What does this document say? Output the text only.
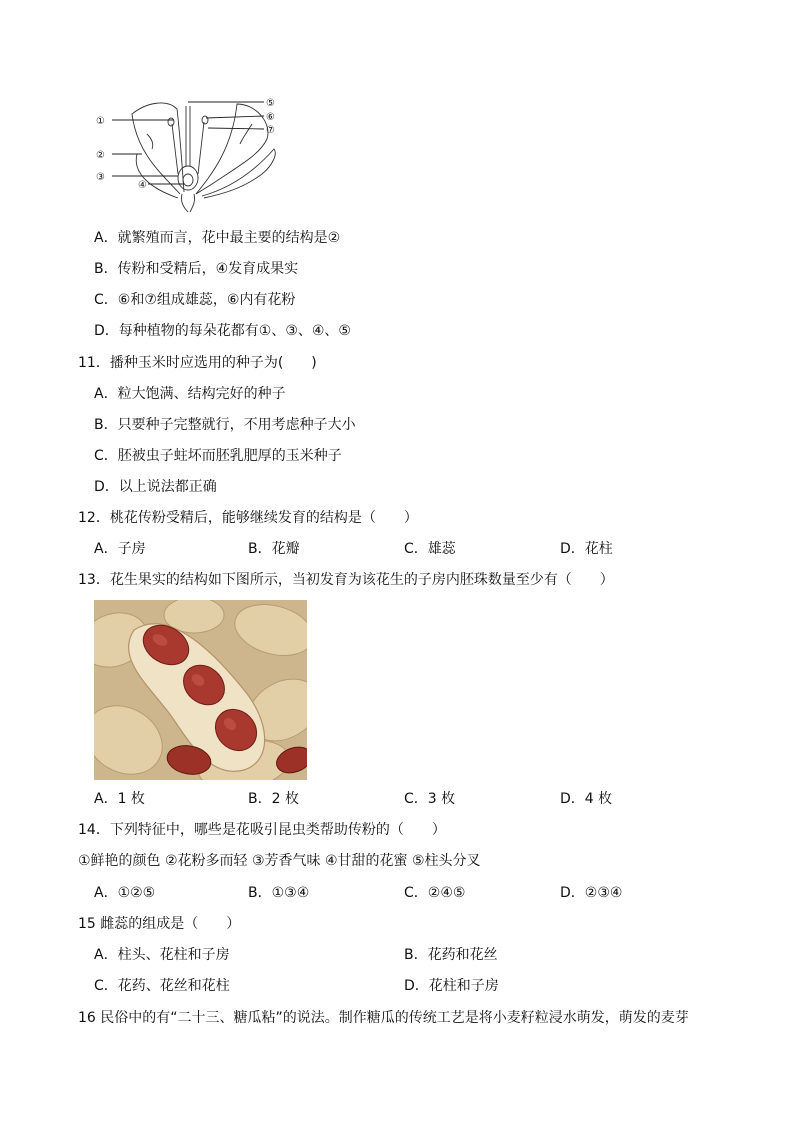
①
②
③
④
⑤
⑥
⑦
A．就繁殖而言，花中最主要的结构是②
B．传粉和受精后，④发育成果实
C．⑥和⑦组成雄蕊，⑥内有花粉
D．每种植物的每朵花都有①、③、④、⑤
11．播种玉米时应选用的种子为(　　)
A．粒大饱满、结构完好的种子
B．只要种子完整就行，不用考虑种子大小
C．胚被虫子蛀坏而胚乳肥厚的玉米种子
D．以上说法都正确
12．桃花传粉受精后，能够继续发育的结构是（　　）
A．子房	B．花瓣	C．雄蕊	D．花柱
13．花生果实的结构如下图所示，当初发育为该花生的子房内胚珠数量至少有（　　）
A．1 枚	B．2 枚	C．3 枚	D．4 枚
14．下列特征中，哪些是花吸引昆虫类帮助传粉的（　　）
①鲜艳的颜色 ②花粉多而轻 ③芳香气味 ④甘甜的花蜜 ⑤柱头分叉
A．①②⑤	B．①③④	C．②④⑤	D．②③④
15 雌蕊的组成是（　　）
A．柱头、花柱和子房	B．花药和花丝
C．花药、花丝和花柱	D．花柱和子房
16 民俗中的有“二十三、糖瓜粘”的说法。制作糖瓜的传统工艺是将小麦籽粒浸水萌发，萌发的麦芽
